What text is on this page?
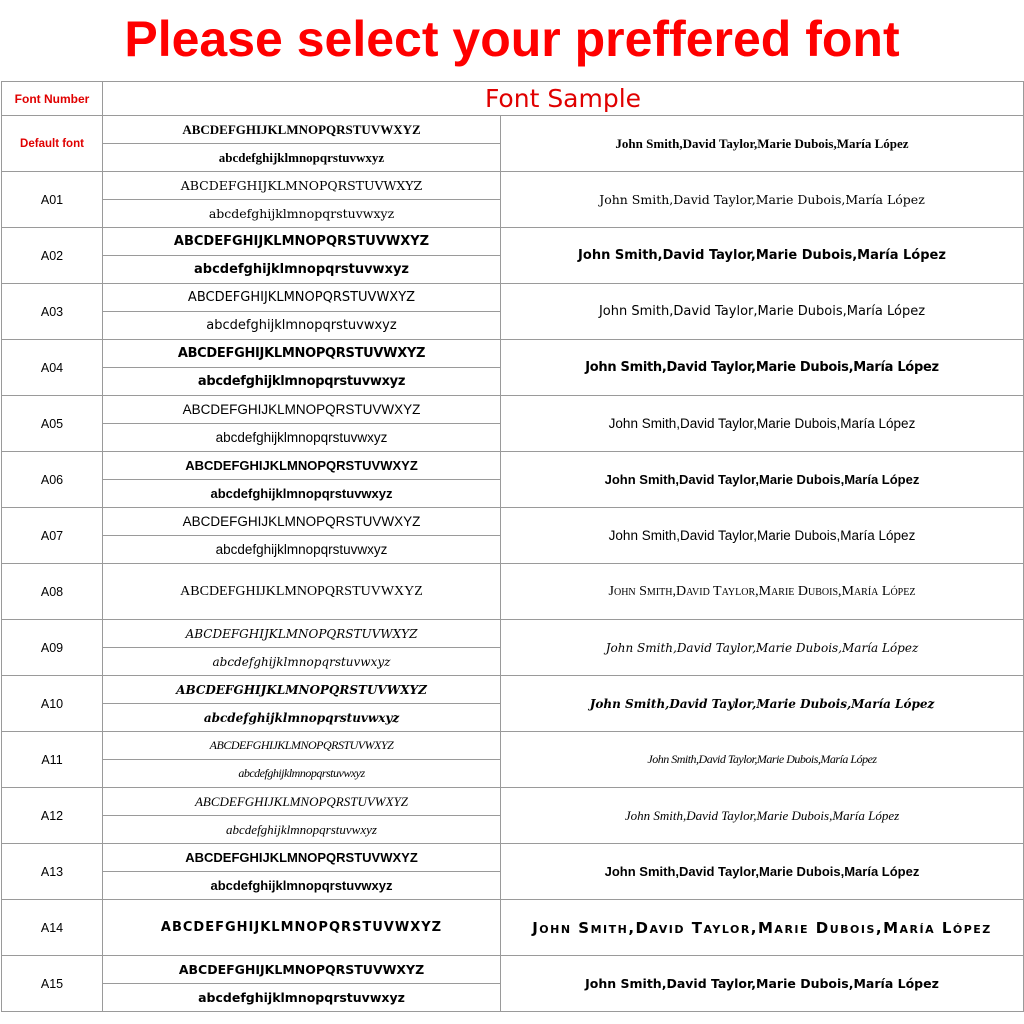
Please select your preffered font
Font Number	Font Sample	
Default font	ABCDEFGHIJKLMNOPQRSTUVWXYZ	John Smith,David Taylor,Marie Dubois,María López
	abcdefghijklmnopqrstuvwxyz	
A01	ABCDEFGHIJKLMNOPQRSTUVWXYZ	John Smith,David Taylor,Marie Dubois,María López
	abcdefghijklmnopqrstuvwxyz	
A02	ABCDEFGHIJKLMNOPQRSTUVWXYZ	John Smith,David Taylor,Marie Dubois,María López
	abcdefghijklmnopqrstuvwxyz	
A03	ABCDEFGHIJKLMNOPQRSTUVWXYZ	John Smith,David Taylor,Marie Dubois,María López
	abcdefghijklmnopqrstuvwxyz	
A04	ABCDEFGHIJKLMNOPQRSTUVWXYZ	John Smith,David Taylor,Marie Dubois,María López
	abcdefghijklmnopqrstuvwxyz	
A05	ABCDEFGHIJKLMNOPQRSTUVWXYZ	John Smith,David Taylor,Marie Dubois,María López
	abcdefghijklmnopqrstuvwxyz	
A06	ABCDEFGHIJKLMNOPQRSTUVWXYZ	John Smith,David Taylor,Marie Dubois,María López
	abcdefghijklmnopqrstuvwxyz	
A07	ABCDEFGHIJKLMNOPQRSTUVWXYZ	John Smith,David Taylor,Marie Dubois,María López
	abcdefghijklmnopqrstuvwxyz	
A08	ABCDEFGHIJKLMNOPQRSTUVWXYZ	John Smith,David Taylor,Marie Dubois,María López
A09	ABCDEFGHIJKLMNOPQRSTUVWXYZ	John Smith,David Taylor,Marie Dubois,María López
	abcdefghijklmnopqrstuvwxyz	
A10	ABCDEFGHIJKLMNOPQRSTUVWXYZ	John Smith,David Taylor,Marie Dubois,María López
	abcdefghijklmnopqrstuvwxyz	
A11	ABCDEFGHIJKLMNOPQRSTUVWXYZ	John Smith,David Taylor,Marie Dubois,María López
	abcdefghijklmnopqrstuvwxyz	
A12	ABCDEFGHIJKLMNOPQRSTUVWXYZ	John Smith,David Taylor,Marie Dubois,María López
	abcdefghijklmnopqrstuvwxyz	
A13	ABCDEFGHIJKLMNOPQRSTUVWXYZ	John Smith,David Taylor,Marie Dubois,María López
	abcdefghijklmnopqrstuvwxyz	
A14	ABCDEFGHIJKLMNOPQRSTUVWXYZ	John Smith,David Taylor,Marie Dubois,María López
A15	ABCDEFGHIJKLMNOPQRSTUVWXYZ	John Smith,David Taylor,Marie Dubois,María López
	abcdefghijklmnopqrstuvwxyz	
